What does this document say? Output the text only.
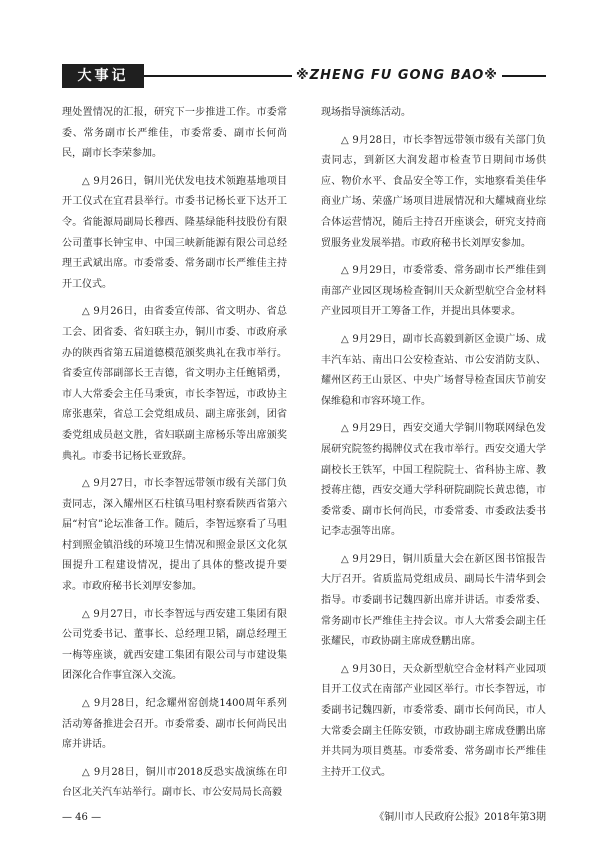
大事记	※ZHENG FU GONG BAO※

理处置情况的汇报，研究下一步推进工作。市委常委、常务副市长严维佳，市委常委、副市长何尚民，副市长李荣参加。

△ 9月26日，铜川光伏发电技术领跑基地项目开工仪式在宜君县举行。市委书记杨长亚下达开工令。省能源局副局长穆西、隆基绿能科技股份有限公司董事长钟宝申、中国三峡新能源有限公司总经理王武斌出席。市委常委、常务副市长严维佳主持开工仪式。

△ 9月26日，由省委宣传部、省文明办、省总工会、团省委、省妇联主办，铜川市委、市政府承办的陕西省第五届道德模范颁奖典礼在我市举行。省委宣传部副部长王吉德，省文明办主任鲍韬勇，市人大常委会主任马秉寅，市长李智远，市政协主席张惠荣，省总工会党组成员、副主席张剑，团省委党组成员赵文胜，省妇联副主席杨乐等出席颁奖典礼。市委书记杨长亚致辞。

△ 9月27日，市长李智远带领市级有关部门负责同志，深入耀州区石柱镇马咀村察看陕西省第六届“村官”论坛准备工作。随后，李智远察看了马咀村到照金镇沿线的环境卫生情况和照金景区文化氛围提升工程建设情况，提出了具体的整改提升要求。市政府秘书长刘厚安参加。

△ 9月27日，市长李智远与西安建工集团有限公司党委书记、董事长、总经理卫韬，副总经理王一梅等座谈，就西安建工集团有限公司与市建设集团深化合作事宜深入交流。

△ 9月28日，纪念耀州窑创烧1400周年系列活动筹备推进会召开。市委常委、副市长何尚民出席并讲话。

△ 9月28日，铜川市2018反恐实战演练在印台区北关汽车站举行。副市长、市公安局局长高毅

现场指导演练活动。

△ 9月28日，市长李智远带领市级有关部门负责同志，到新区大润发超市检查节日期间市场供应、物价水平、食品安全等工作，实地察看美佳华商业广场、荣盛广场项目进展情况和大耀城商业综合体运营情况，随后主持召开座谈会，研究支持商贸服务业发展举措。市政府秘书长刘厚安参加。

△ 9月29日，市委常委、常务副市长严维佳到南部产业园区现场检查铜川天众新型航空合金材料产业园项目开工筹备工作，并提出具体要求。

△ 9月29日，副市长高毅到新区金谟广场、成丰汽车站、南出口公安检查站、市公安消防支队、耀州区药王山景区、中央广场督导检查国庆节前安保维稳和市容环境工作。

△ 9月29日，西安交通大学铜川物联网绿色发展研究院签约揭牌仪式在我市举行。西安交通大学副校长王铁军，中国工程院院士、省科协主席、教授蒋庄德，西安交通大学科研院副院长黄忠德，市委常委、副市长何尚民，市委常委、市委政法委书记李志强等出席。

△ 9月29日，铜川质量大会在新区图书馆报告大厅召开。省质监局党组成员、副局长牛清华到会指导。市委副书记魏四新出席并讲话。市委常委、常务副市长严维佳主持会议。市人大常委会副主任张耀民，市政协副主席成登鹏出席。

△ 9月30日，天众新型航空合金材料产业园项目开工仪式在南部产业园区举行。市长李智远，市委副书记魏四新，市委常委、副市长何尚民，市人大常委会副主任陈安锁，市政协副主席成登鹏出席并共同为项目奠基。市委常委、常务副市长严维佳主持开工仪式。

— 46 —	《铜川市人民政府公报》2018年第3期
